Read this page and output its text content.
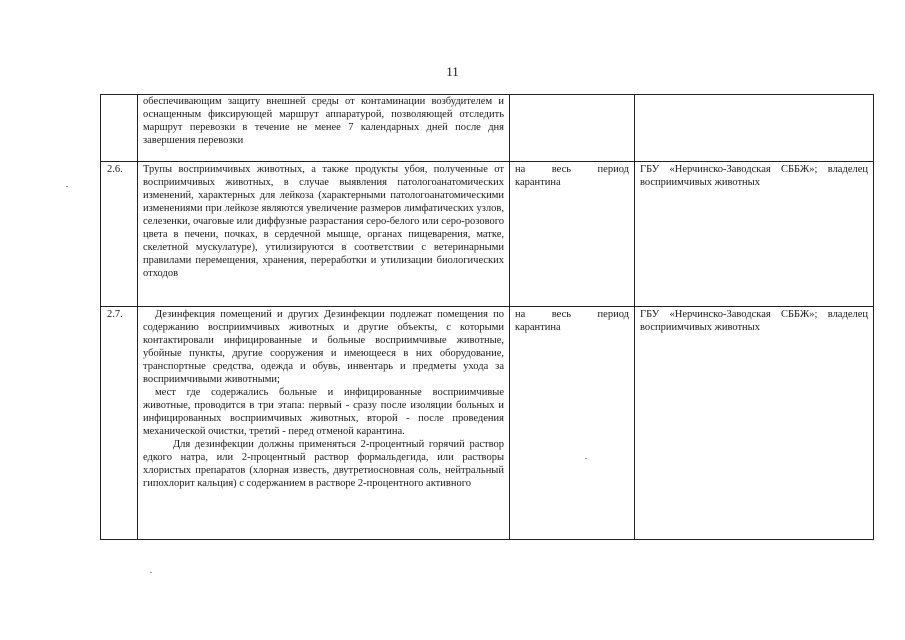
11

	обеспечивающим защиту внешней среды от контаминации возбудителем и оснащенным фиксирующей маршрут аппаратурой, позволяющей отследить маршрут перевозки в течение не менее 7 календарных дней после дня завершения перевозки		

2.6.	Трупы восприимчивых животных, а также продукты убоя, полученные от восприимчивых животных, в случае выявления патологоанатомических изменений, характерных для лейкоза (характерными патологоанатомическими изменениями при лейкозе являются увеличение размеров лимфатических узлов, селезенки, очаговые или диффузные разрастания серо-белого или серо-розового цвета в печени, почках, в сердечной мышце, органах пищеварения, матке, скелетной мускулатуре), утилизируются в соответствии с ветеринарными правилами перемещения, хранения, переработки и утилизации биологических отходов	на весь период карантина	ГБУ «Нерчинско-Заводская СББЖ»; владелец восприимчивых животных
2.7.	Дезинфекция помещений и других Дезинфекции подлежат помещения по содержанию восприимчивых животных и другие объекты, с которыми контактировали инфицированные и больные восприимчивые животные, убойные пункты, другие сооружения и имеющееся в них оборудование, транспортные средства, одежда и обувь, инвентарь и предметы ухода за восприимчивыми животными;
мест где содержались больные и инфицированные восприимчивые животные, проводится в три этапа: первый - сразу после изоляции больных и инфицированных восприимчивых животных, второй - после проведения механической очистки, третий - перед отменой карантина.
Для дезинфекции должны применяться 2-процентный горячий раствор едкого натра, или 2-процентный раствор формальдегида, или растворы хлористых препаратов (хлорная известь, двутретиосновная соль, нейтральный гипохлорит кальция) с содержанием в растворе 2-процентного активного	на весь период карантина	ГБУ «Нерчинско-Заводская СББЖ»; владелец восприимчивых животных
